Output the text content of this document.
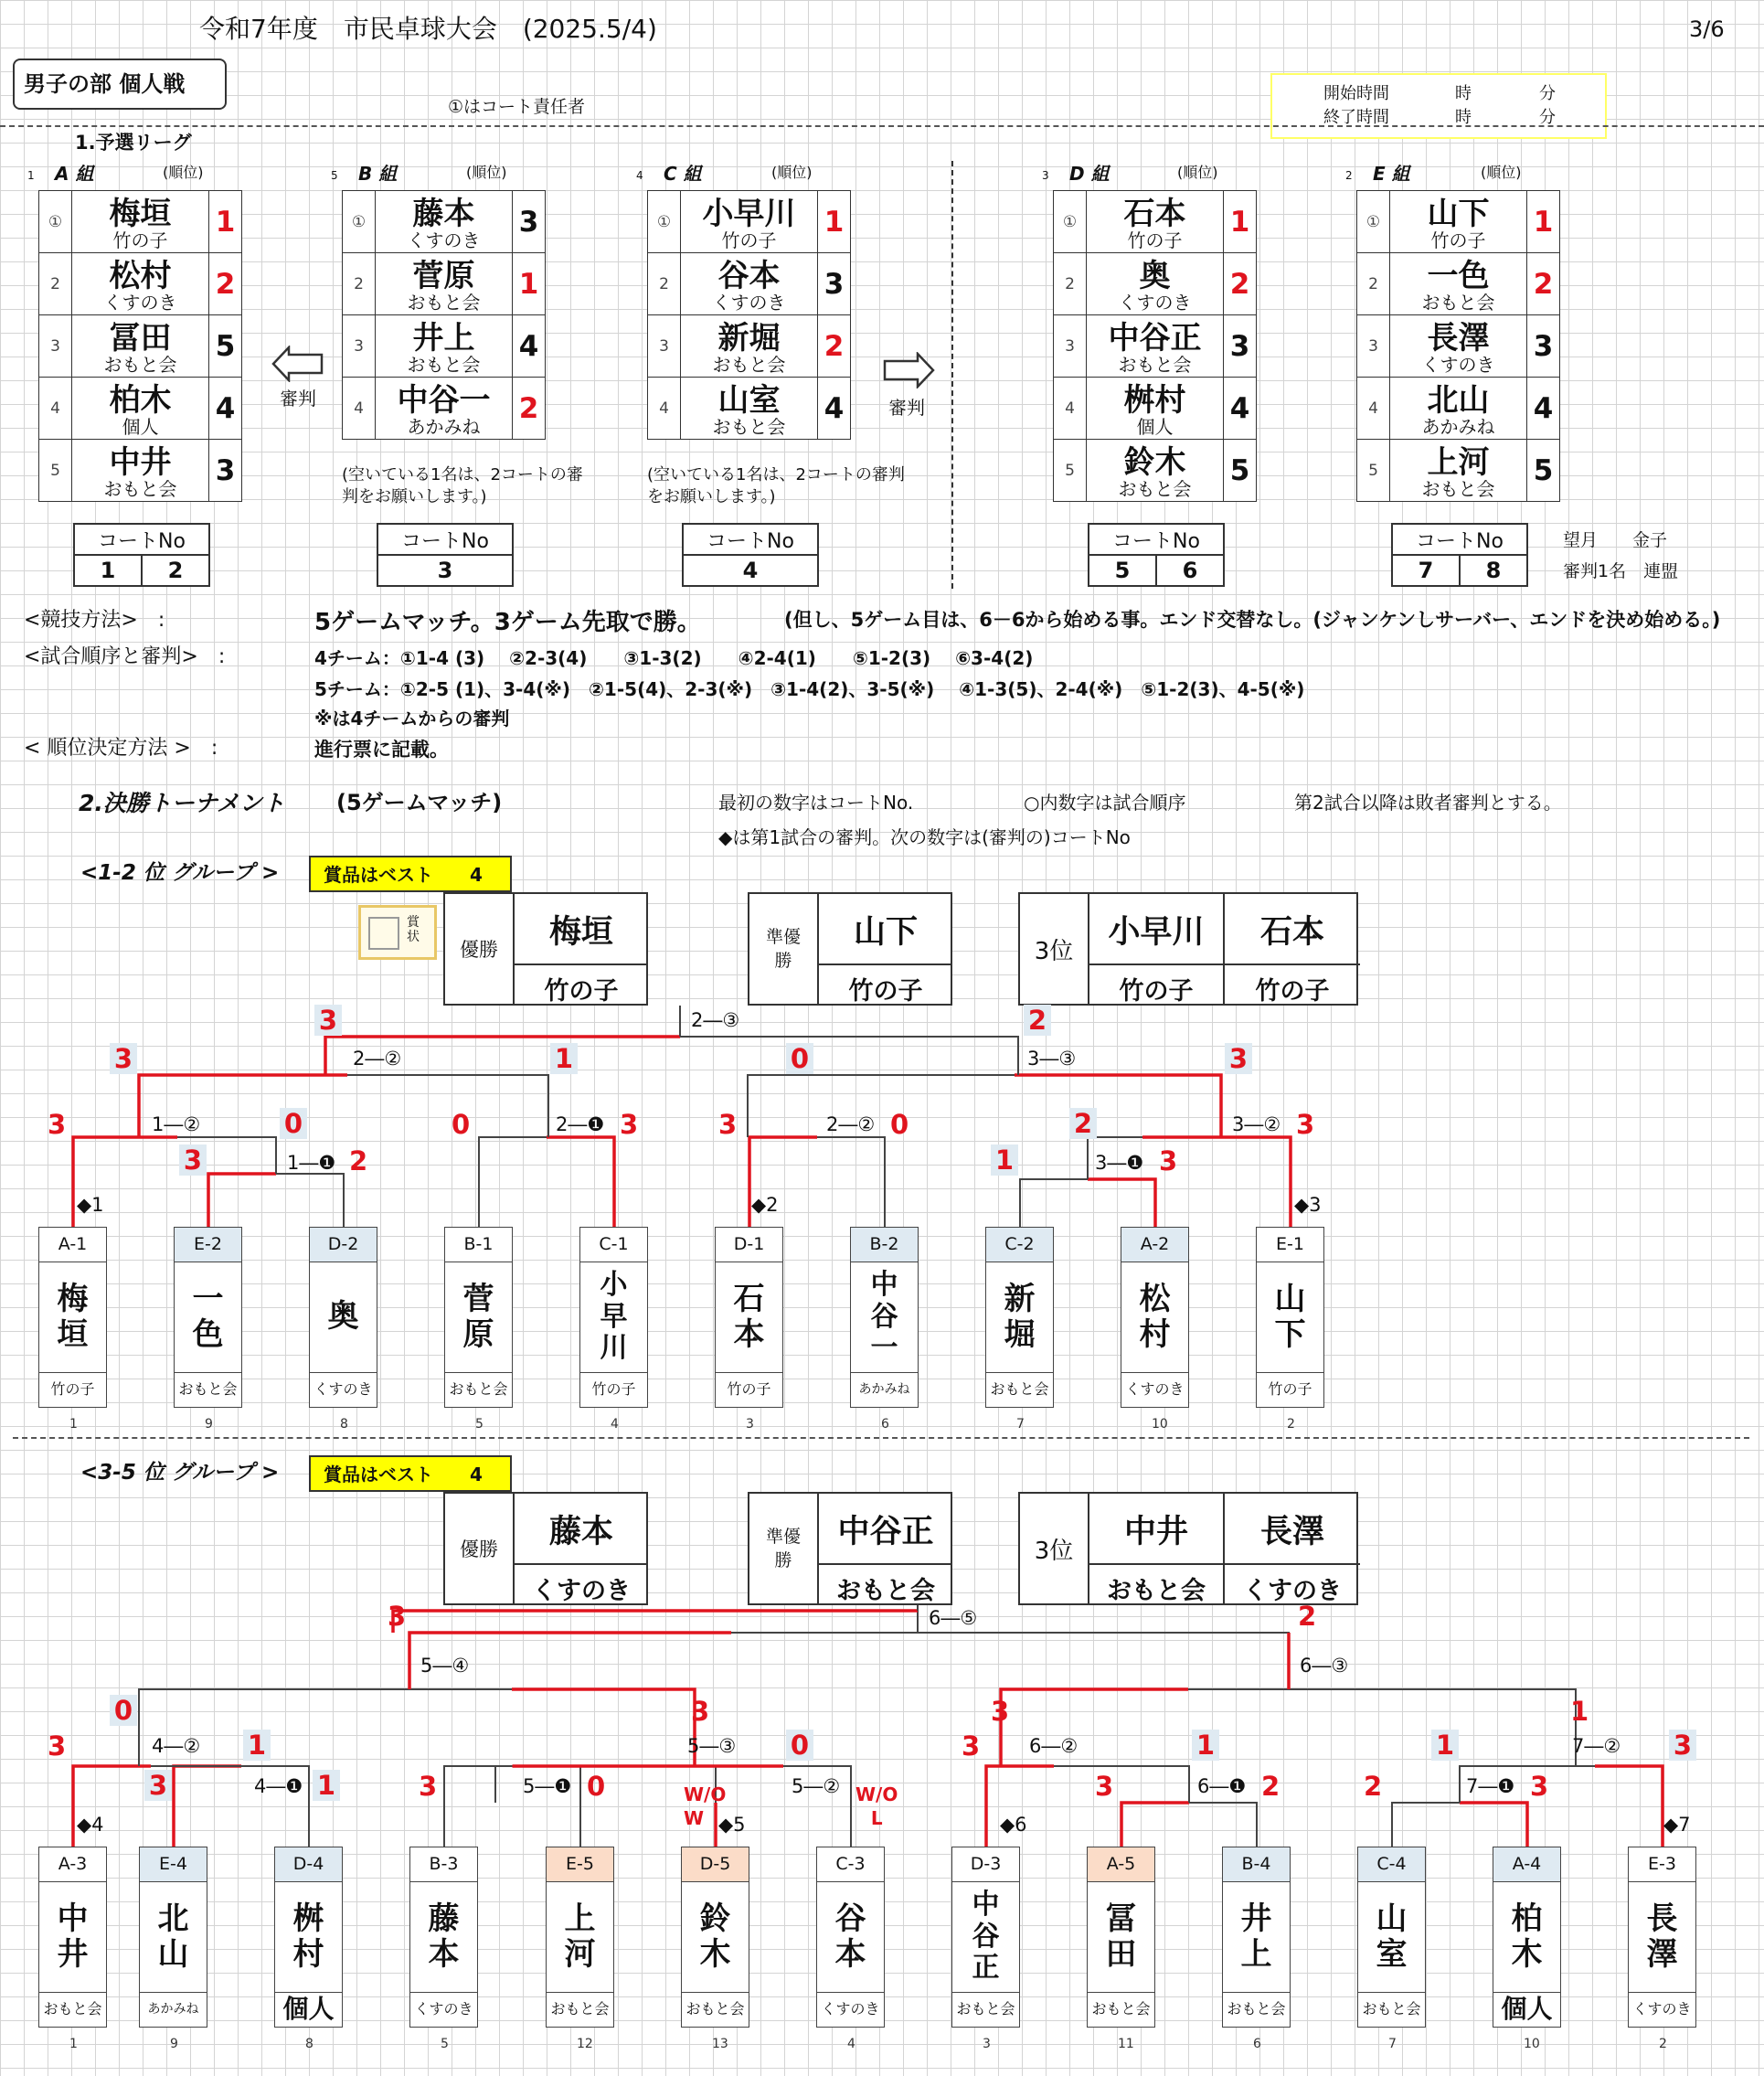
令和7年度　市民卓球大会　(2025.5/4)	3/6
男子の部 個人戦
①はコート責任者
開始時間	時	分
終了時間	時	分
1.予選リーグ
1 A 組	(順位)
①	梅垣
竹の子	1
2	松村
くすのき	2
3	冨田
おもと会	5
4	柏木
個人	4
5	中井
おもと会	3
コートNo
1	2
5 B 組	(順位)
①	藤本
くすのき	3
2	菅原
おもと会	1
3	井上
おもと会	4
4	中谷一
あかみね	2
コートNo
3
4 C 組	(順位)
①	小早川
竹の子	1
2	谷本
くすのき	3
3	新堀
おもと会	2
4	山室
おもと会	4
コートNo
4
3 D 組	(順位)
①	石本
竹の子	1
2	奥
くすのき	2
3	中谷正
おもと会	3
4	桝村
個人	4
5	鈴木
おもと会	5
コートNo
5	6
2 E 組	(順位)
①	山下
竹の子	1
2	一色
おもと会	2
3	長澤
くすのき	3
4	北山
あかみね	4
5	上河
おもと会	5
コートNo
7	8
(空いている1名は、2コートの審判をお願いします。)
(空いている1名は、2コートの審判をお願いします。)
望月　　金子
審判1名　連盟
審判	審判
<競技方法>　:	5ゲームマッチ。3ゲーム先取で勝。	(但し、5ゲーム目は、6－6から始める事。エンド交替なし。(ジャンケンしサーバー、エンドを決め始める。)
<試合順序と審判>　:	4チーム：①1-4 (3)　 ②2-3(4)　　③1-3(2)　　④2-4(1)　　⑤1-2(3)　 ⑥3-4(2)
5チーム：①2-5 (1)、3-4(※)　②1-5(4)、2-3(※)　③1-4(2)、3-5(※)　 ④1-3(5)、2-4(※)　⑤1-2(3)、4-5(※)
※は4チームからの審判
< 順位決定方法 >　:	進行票に記載。
2.決勝トーナメント (5ゲームマッチ)	最初の数字はコートNo.	○内数字は試合順序	第2試合以降は敗者審判とする。
◆は第1試合の審判。次の数字は(審判の)コートNo
<1-2 位 グループ >	賞品はベスト 4
賞状
優勝	梅垣
竹の子
準優勝
山下
竹の子
3位
小早川
竹の子
石本
竹の子
A-1
梅
垣
竹の子
1
E-2
一
色
おもと会
9
D-2
奥
くすのき
8
B-1
菅
原
おもと会
5
C-1
小
早
川
竹の子
4
D-1
石
本
竹の子
3
B-2
中
谷
一
あかみね
6
C-2
新
堀
おもと会
7
A-2
松
村
くすのき
10
E-1
山
下
竹の子
2
3	2―③	2
3	2―②	1	0	3―③	3
3	1―②	0	0	2―❶ 3	3	2―② 0	2	3―② 3
3	1―❶ 2	1	3―❶ 3
◆1	◆2	◆3
<3-5 位 グループ >	賞品はベスト 4
優勝	藤本
くすのき
準優勝
中谷正
おもと会
3位
中井
おもと会
長澤
くすのき
A-3
中
井
おもと会
1
E-4
北
山
あかみね
9
D-4
桝
村
個人
8
B-3
藤
本
くすのき
5
E-5
上
河
おもと会
12
D-5
鈴
木
おもと会
13
C-3
谷
本
くすのき
4
D-3
中
谷
正
おもと会
3
A-5
冨
田
おもと会
11
B-4
井
上
おもと会
6
C-4
山
室
おもと会
7
A-4
柏
木
個人
10
E-3
長
澤
くすのき
2
3	6―⑤	2
5―④	6―③
0	3	3	1
3	4―② 1	5―③ 0	3	6―②	1	1	7―② 3
3	4―❶ 1	3	5―❶ 0	5―②	3	6―❶ 2	2	7―❶ 3
◆4	◆5	◆6	◆7
W/O
W
W/O
L
